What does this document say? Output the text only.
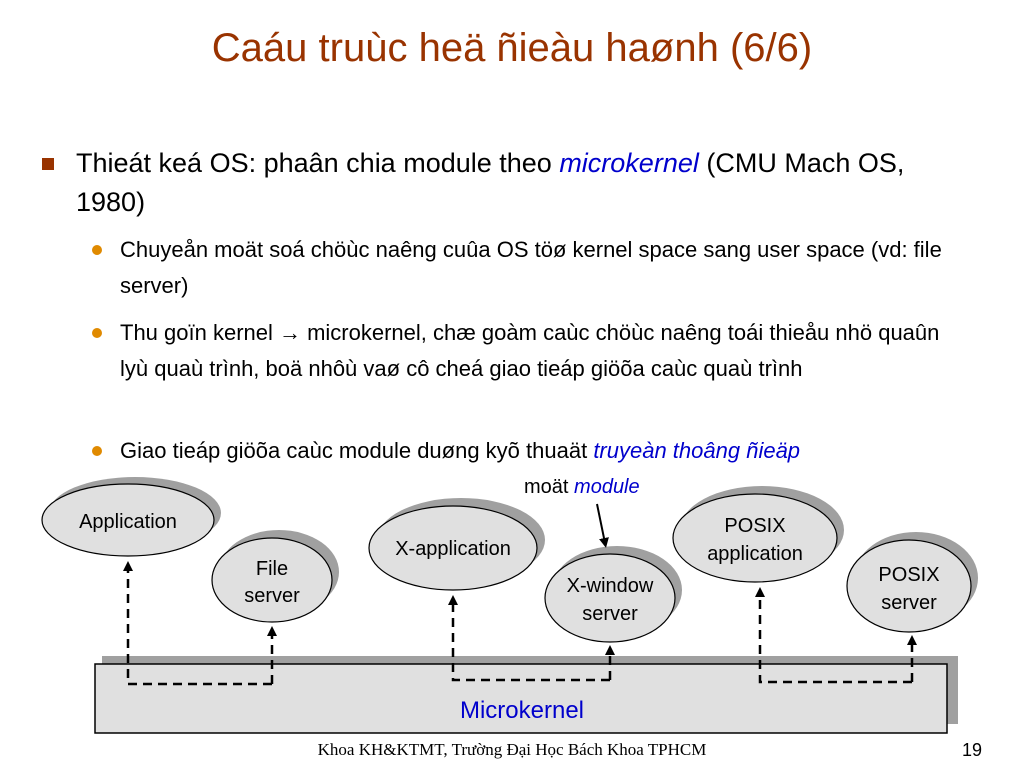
Caáu truùc heä ñieàu haønh (6/6)
Thieát keá OS: phaân chia module theo microkernel (CMU Mach OS, 1980)
Chuyeån moät soá chöùc naêng cuûa OS töø kernel space sang user space (vd: file server)
Thu goïn kernel → microkernel, chæ goàm caùc chöùc naêng toái thieåu nhö quaûn lyù quaù trình, boä nhôù vaø cô cheá giao tieáp giöõa caùc quaù trình
Giao tieáp giöõa caùc module duøng kyõ thuaät truyeàn thoâng ñieäp
Microkernel
Application
File
server
X-application
X-window
server
POSIX
application
POSIX
server
moät module
Khoa KH&KTMT, Trường Đại Học Bách Khoa TPHCM	19
